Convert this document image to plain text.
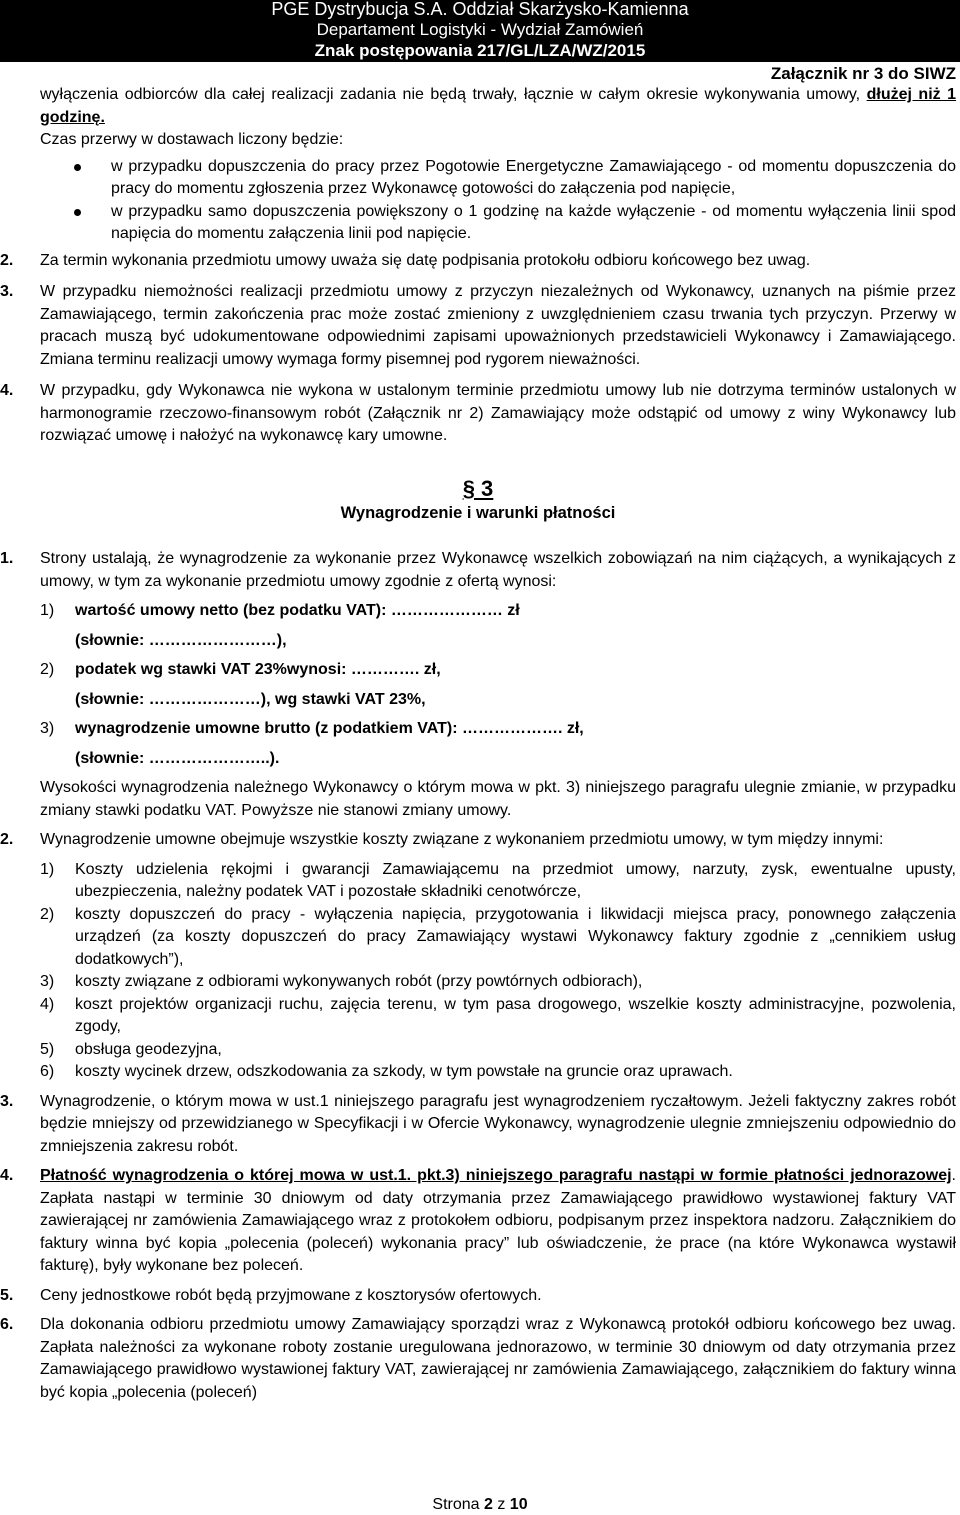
PGE Dystrybucja S.A. Oddział Skarżysko-Kamienna
Departament Logistyki - Wydział Zamówień
Znak postępowania 217/GL/LZA/WZ/2015
Załącznik nr 3 do SIWZ

wyłączenia odbiorców dla całej realizacji zadania nie będą trwały, łącznie w całym okresie wykonywania umowy, dłużej niż 1 godzinę.

Czas przerwy w dostawach liczony będzie:

w przypadku dopuszczenia do pracy przez Pogotowie Energetyczne Zamawiającego - od momentu dopuszczenia do pracy do momentu zgłoszenia przez Wykonawcę gotowości do załączenia pod napięcie,

w przypadku samo dopuszczenia powiększony o 1 godzinę na każde wyłączenie - od momentu wyłączenia linii spod napięcia do momentu załączenia linii pod napięcie.

2. Za termin wykonania przedmiotu umowy uważa się datę podpisania protokołu odbioru końcowego bez uwag.

3. W przypadku niemożności realizacji przedmiotu umowy z przyczyn niezależnych od Wykonawcy, uznanych na piśmie przez Zamawiającego, termin zakończenia prac może zostać zmieniony z uwzględnieniem czasu trwania tych przyczyn. Przerwy w pracach muszą być udokumentowane odpowiednimi zapisami upoważnionych przedstawicieli Wykonawcy i Zamawiającego. Zmiana terminu realizacji umowy wymaga formy pisemnej pod rygorem nieważności.

4. W przypadku, gdy Wykonawca nie wykona w ustalonym terminie przedmiotu umowy lub nie dotrzyma terminów ustalonych w harmonogramie rzeczowo-finansowym robót (Załącznik nr 2) Zamawiający może odstąpić od umowy z winy Wykonawcy lub rozwiązać umowę i nałożyć na wykonawcę kary umowne.

§ 3
Wynagrodzenie i warunki płatności

1. Strony ustalają, że wynagrodzenie za wykonanie przez Wykonawcę wszelkich zobowiązań na nim ciążących, a wynikających z umowy, w tym za wykonanie przedmiotu umowy zgodnie z ofertą wynosi:

1) wartość umowy netto (bez podatku VAT): ………………… zł

(słownie: ……………………),

2) podatek wg stawki VAT 23%wynosi: …………. zł,

(słownie: …………………), wg stawki VAT 23%,

3) wynagrodzenie umowne brutto (z podatkiem VAT): ………………. zł,

(słownie: …………………..).

Wysokości wynagrodzenia należnego Wykonawcy o którym mowa w pkt. 3) niniejszego paragrafu ulegnie zmianie, w przypadku zmiany stawki podatku VAT. Powyższe nie stanowi zmiany umowy.

2. Wynagrodzenie umowne obejmuje wszystkie koszty związane z wykonaniem przedmiotu umowy, w tym między innymi:

1) Koszty udzielenia rękojmi i gwarancji Zamawiającemu na przedmiot umowy, narzuty, zysk, ewentualne upusty, ubezpieczenia, należny podatek VAT i pozostałe składniki cenotwórcze,

2) koszty dopuszczeń do pracy - wyłączenia napięcia, przygotowania i likwidacji miejsca pracy, ponownego załączenia urządzeń (za koszty dopuszczeń do pracy Zamawiający wystawi Wykonawcy faktury zgodnie z „cennikiem usług dodatkowych”),

3) koszty związane z odbiorami wykonywanych robót (przy powtórnych odbiorach),

4) koszt projektów organizacji ruchu, zajęcia terenu, w tym pasa drogowego, wszelkie koszty administracyjne, pozwolenia, zgody,

5) obsługa geodezyjna,

6) koszty wycinek drzew, odszkodowania za szkody, w tym powstałe na gruncie oraz uprawach.

3. Wynagrodzenie, o którym mowa w ust.1 niniejszego paragrafu jest wynagrodzeniem ryczałtowym. Jeżeli faktyczny zakres robót będzie mniejszy od przewidzianego w Specyfikacji i w Ofercie Wykonawcy, wynagrodzenie ulegnie zmniejszeniu odpowiednio do zmniejszenia zakresu robót.

4. Płatność wynagrodzenia o której mowa w ust.1. pkt.3) niniejszego paragrafu nastąpi w formie płatności jednorazowej. Zapłata nastąpi w terminie 30 dniowym od daty otrzymania przez Zamawiającego prawidłowo wystawionej faktury VAT zawierającej nr zamówienia Zamawiającego wraz z protokołem odbioru, podpisanym przez inspektora nadzoru. Załącznikiem do faktury winna być kopia „polecenia (poleceń) wykonania pracy” lub oświadczenie, że prace (na które Wykonawca wystawił fakturę), były wykonane bez poleceń.

5. Ceny jednostkowe robót będą przyjmowane z kosztorysów ofertowych.

6. Dla dokonania odbioru przedmiotu umowy Zamawiający sporządzi wraz z Wykonawcą protokół odbioru końcowego bez uwag. Zapłata należności za wykonane roboty zostanie uregulowana jednorazowo, w terminie 30 dniowym od daty otrzymania przez Zamawiającego prawidłowo wystawionej faktury VAT, zawierającej nr zamówienia Zamawiającego, załącznikiem do faktury winna być kopia „polecenia (poleceń)

Strona 2 z 10
